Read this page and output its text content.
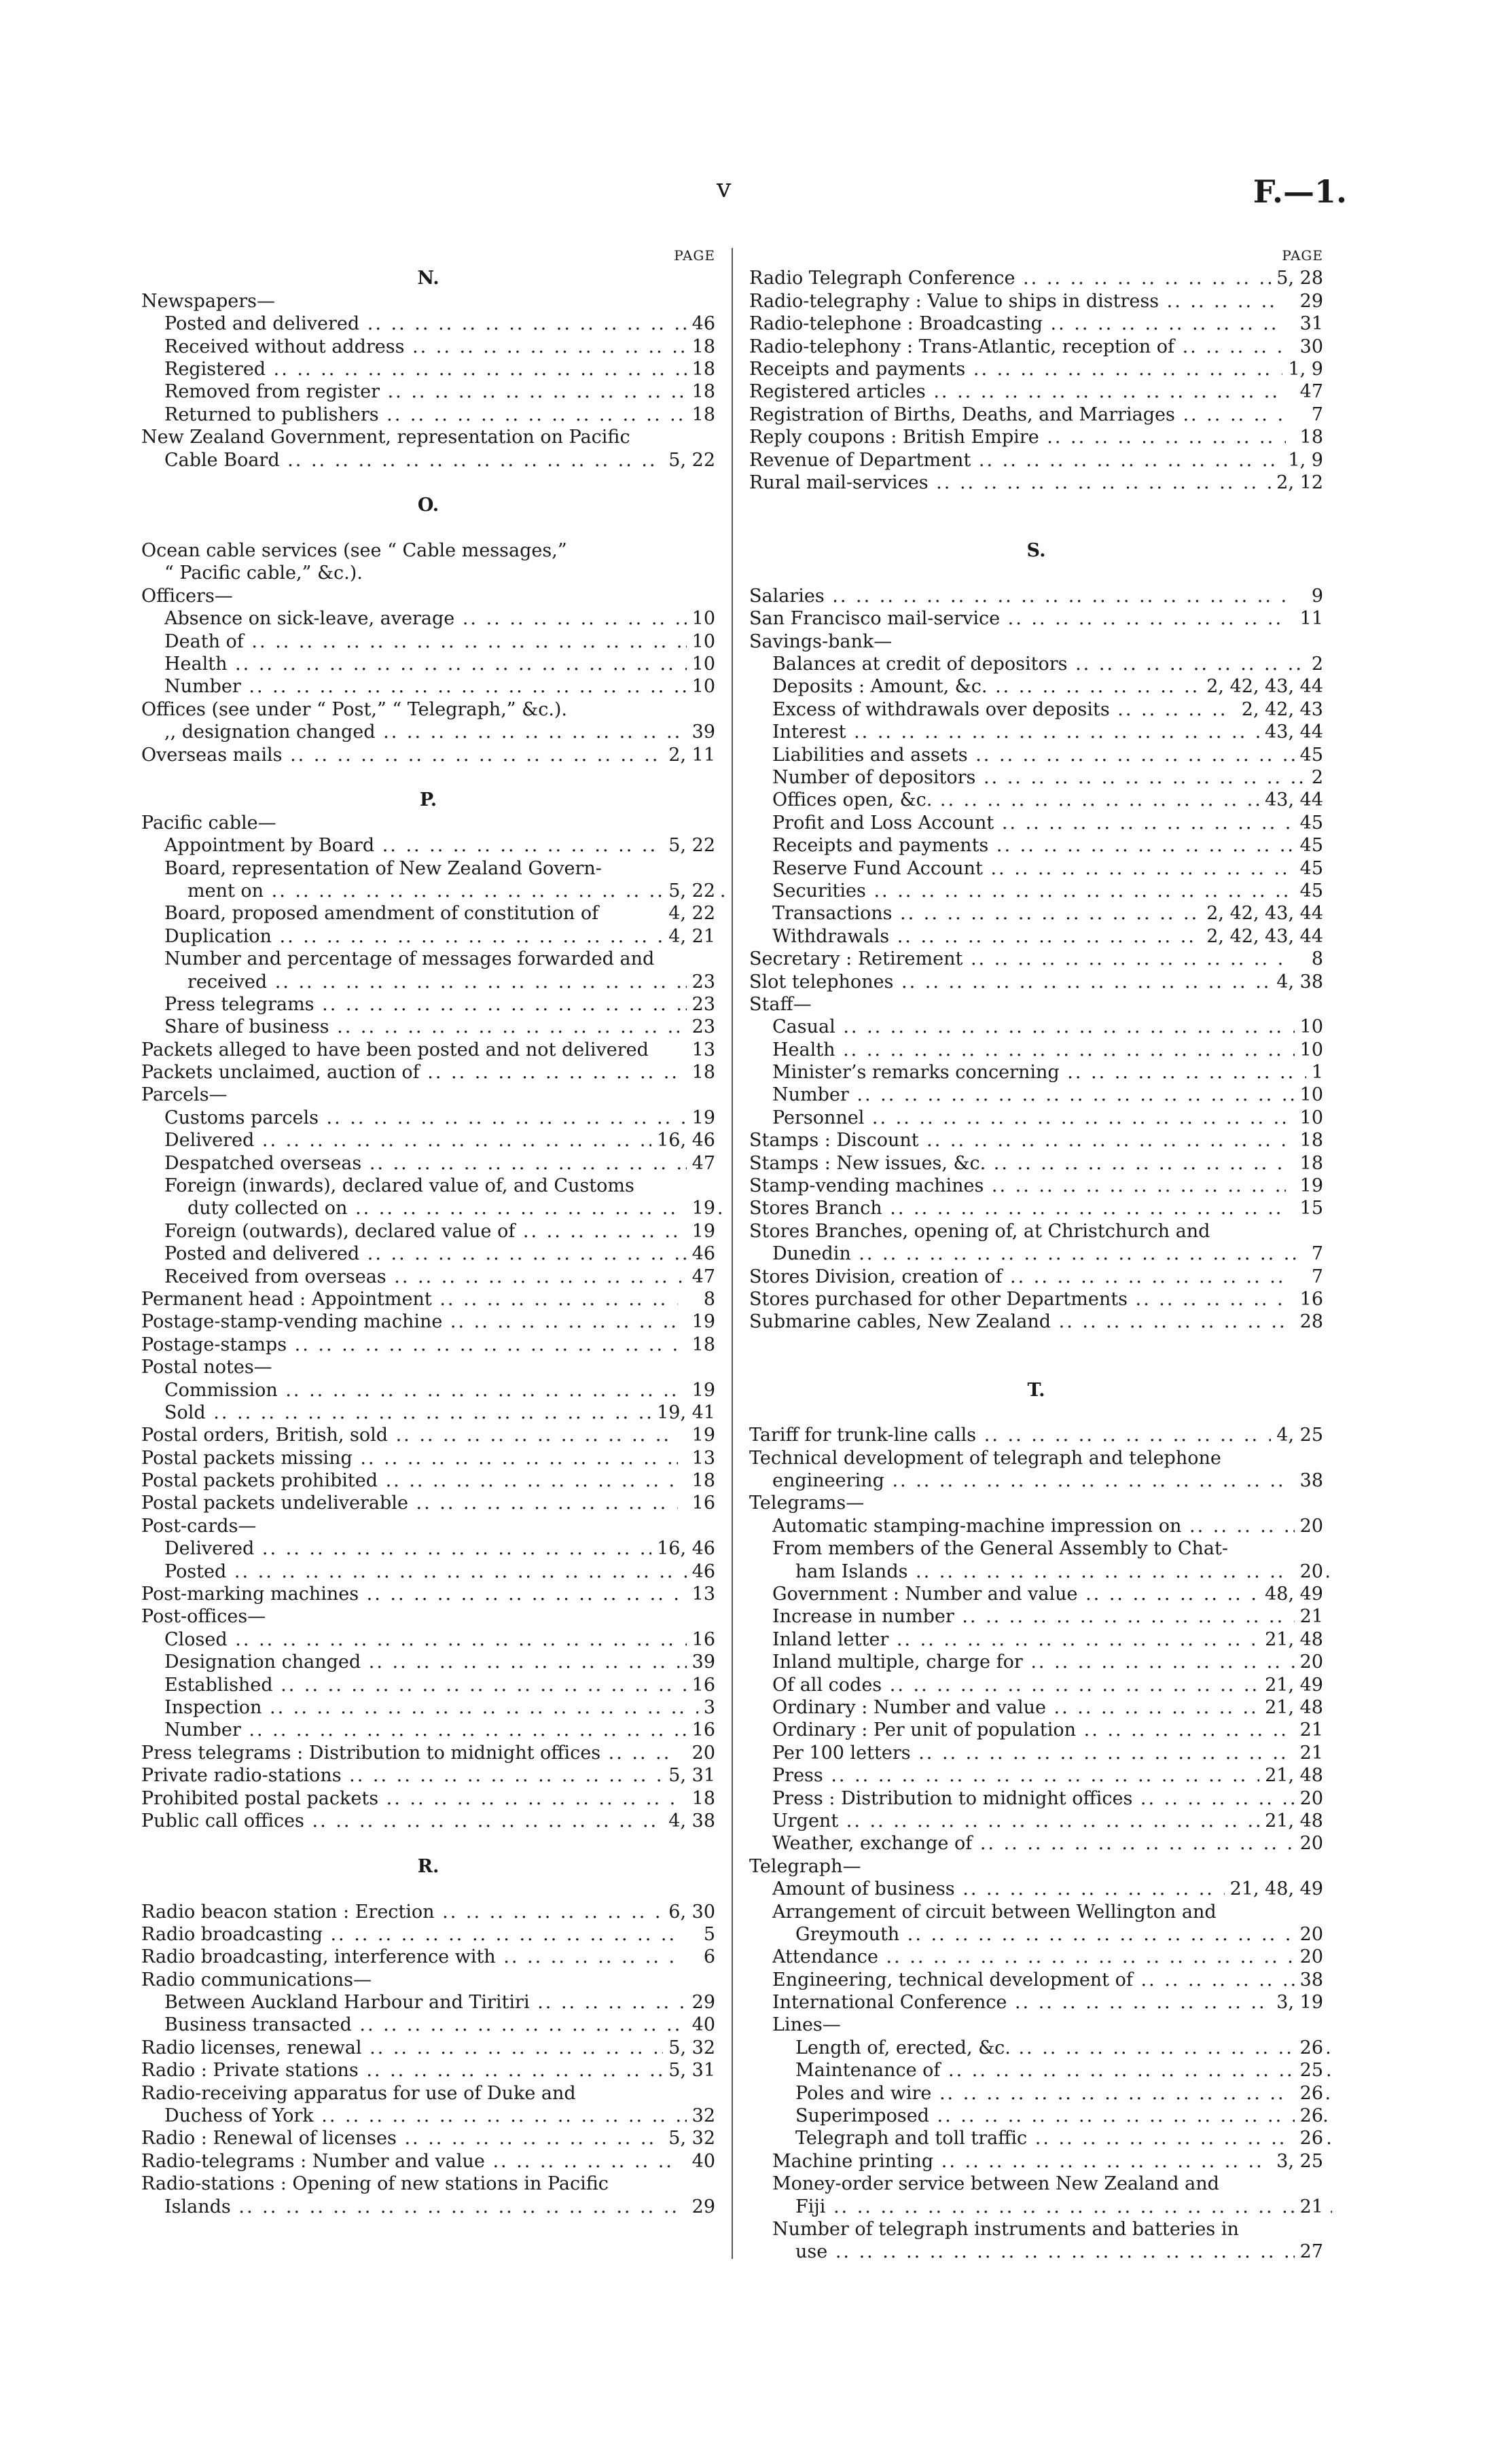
v	F.—1.
PAGE
N.
Newspapers—
Posted and delivered .. ..	46
Received without address .. ..	18
Registered .. ..	18
Removed from register .. ..	18
Returned to publishers .. ..	18
New Zealand Government, representation on Pacific
Cable Board .. ..	5, 22
O.
Ocean cable services (see “ Cable messages,”
“ Pacific cable,” &c.).
Officers—
Absence on sick-leave, average .. ..	10
Death of .. ..	10
Health .. ..	10
Number .. ..	10
Offices (see under “ Post,” “ Telegraph,” &c.).
,, designation changed .. ..	39
Overseas mails .. ..	2, 11
P.
Pacific cable—
Appointment by Board .. ..	5, 22
Board, representation of New Zealand Govern-
ment on .. ..	5, 22
Board, proposed amendment of constitution of	4, 22
Duplication .. ..	4, 21
Number and percentage of messages forwarded and
received .. ..	23
Press telegrams .. ..	23
Share of business .. ..	23
Packets alleged to have been posted and not delivered 13
Packets unclaimed, auction of .. ..	18
Parcels—
Customs parcels .. ..	19
Delivered .. ..	16, 46
Despatched overseas .. ..	47
Foreign (inwards), declared value of, and Customs
duty collected on .. ..	19
Foreign (outwards), declared value of .. ..	19
Posted and delivered .. ..	46
Received from overseas .. ..	47
Permanent head : Appointment .. ..	8
Postage-stamp-vending machine .. ..	19
Postage-stamps .. ..	18
Postal notes—
Commission .. ..	19
Sold .. ..	19, 41
Postal orders, British, sold .. ..	19
Postal packets missing .. ..	13
Postal packets prohibited .. ..	18
Postal packets undeliverable .. ..	16
Post-cards—
Delivered .. ..	16, 46
Posted .. ..	46
Post-marking machines .. ..	13
Post-offices—
Closed .. ..	16
Designation changed .. ..	39
Established .. ..	16
Inspection .. ..	3
Number .. ..	16
Press telegrams : Distribution to midnight offices .. ..	20
Private radio-stations .. ..	5, 31
Prohibited postal packets .. ..	18
Public call offices .. ..	4, 38
R.
Radio beacon station : Erection .. ..	6, 30
Radio broadcasting .. ..	5
Radio broadcasting, interference with .. ..	6
Radio communications—
Between Auckland Harbour and Tiritiri .. ..	29
Business transacted .. ..	40
Radio licenses, renewal .. ..	5, 32
Radio : Private stations .. ..	5, 31
Radio-receiving apparatus for use of Duke and
Duchess of York .. ..	32
Radio : Renewal of licenses .. ..	5, 32
Radio-telegrams : Number and value .. ..	40
Radio-stations : Opening of new stations in Pacific
Islands .. ..	29
PAGE
Radio Telegraph Conference .. ..	5, 28
Radio-telegraphy : Value to ships in distress .. ..	29
Radio-telephone : Broadcasting .. ..	31
Radio-telephony : Trans-Atlantic, reception of .. ..	30
Receipts and payments .. ..	1, 9
Registered articles .. ..	47
Registration of Births, Deaths, and Marriages .. ..	7
Reply coupons : British Empire .. ..	18
Revenue of Department .. ..	1, 9
Rural mail-services .. ..	2, 12
S.
Salaries .. ..	9
San Francisco mail-service .. ..	11
Savings-bank—
Balances at credit of depositors .. ..	2
Deposits : Amount, &c. .. ..	2, 42, 43, 44
Excess of withdrawals over deposits .. ..	2, 42, 43
Interest .. ..	43, 44
Liabilities and assets .. ..	45
Number of depositors .. ..	2
Offices open, &c. .. ..	43, 44
Profit and Loss Account .. ..	45
Receipts and payments .. ..	45
Reserve Fund Account .. ..	45
Securities .. ..	45
Transactions .. ..	2, 42, 43, 44
Withdrawals .. ..	2, 42, 43, 44
Secretary : Retirement .. ..	8
Slot telephones .. ..	4, 38
Staff—
Casual .. ..	10
Health .. ..	10
Minister’s remarks concerning .. ..	1
Number .. ..	10
Personnel .. ..	10
Stamps : Discount .. ..	18
Stamps : New issues, &c. .. ..	18
Stamp-vending machines .. ..	19
Stores Branch .. ..	15
Stores Branches, opening of, at Christchurch and
Dunedin .. ..	7
Stores Division, creation of .. ..	7
Stores purchased for other Departments .. ..	16
Submarine cables, New Zealand .. ..	28
T.
Tariff for trunk-line calls .. ..	4, 25
Technical development of telegraph and telephone
engineering .. ..	38
Telegrams—
Automatic stamping-machine impression on .. ..	20
From members of the General Assembly to Chat-
ham Islands .. ..	20
Government : Number and value .. ..	48, 49
Increase in number .. ..	21
Inland letter .. ..	21, 48
Inland multiple, charge for .. ..	20
Of all codes .. ..	21, 49
Ordinary : Number and value .. ..	21, 48
Ordinary : Per unit of population .. ..	21
Per 100 letters .. ..	21
Press .. ..	21, 48
Press : Distribution to midnight offices .. ..	20
Urgent .. ..	21, 48
Weather, exchange of .. ..	20
Telegraph—
Amount of business .. ..	21, 48, 49
Arrangement of circuit between Wellington and
Greymouth .. ..	20
Attendance .. ..	20
Engineering, technical development of .. ..	38
International Conference .. ..	3, 19
Lines—
Length of, erected, &c. .. ..	26
Maintenance of .. ..	25
Poles and wire .. ..	26
Superimposed .. ..	26
Telegraph and toll traffic .. ..	26
Machine printing .. ..	3, 25
Money-order service between New Zealand and
Fiji .. ..	21
Number of telegraph instruments and batteries in
use .. ..	27
